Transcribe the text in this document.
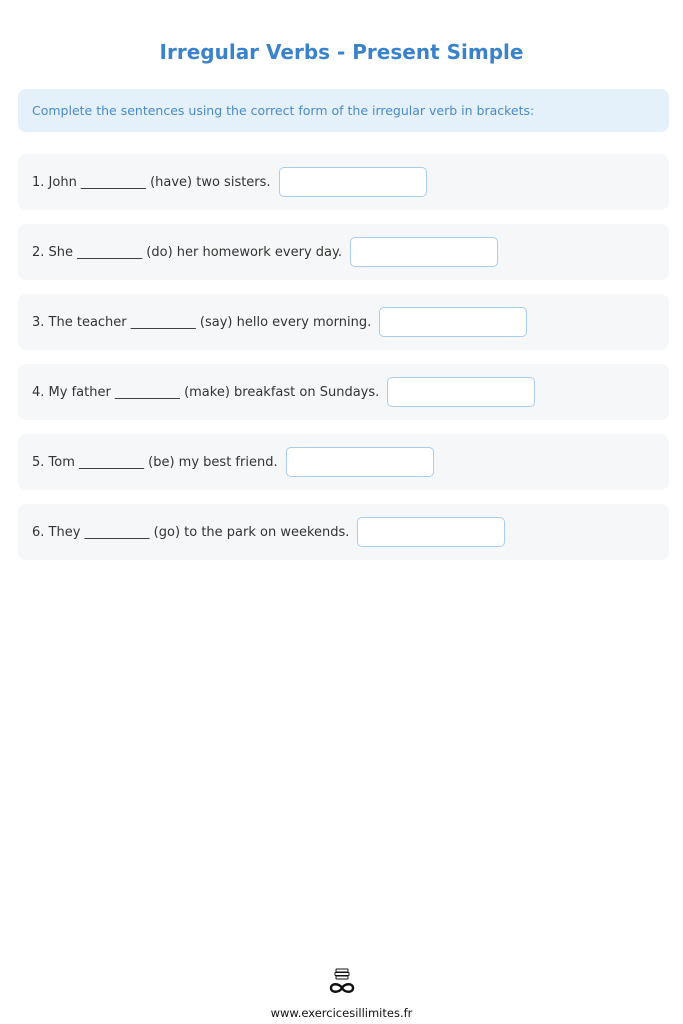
Irregular Verbs - Present Simple
Complete the sentences using the correct form of the irregular verb in brackets:
1. John __________ (have) two sisters.
2. She __________ (do) her homework every day.
3. The teacher __________ (say) hello every morning.
4. My father __________ (make) breakfast on Sundays.
5. Tom __________ (be) my best friend.
6. They __________ (go) to the park on weekends.
www.exercicesillimites.fr
